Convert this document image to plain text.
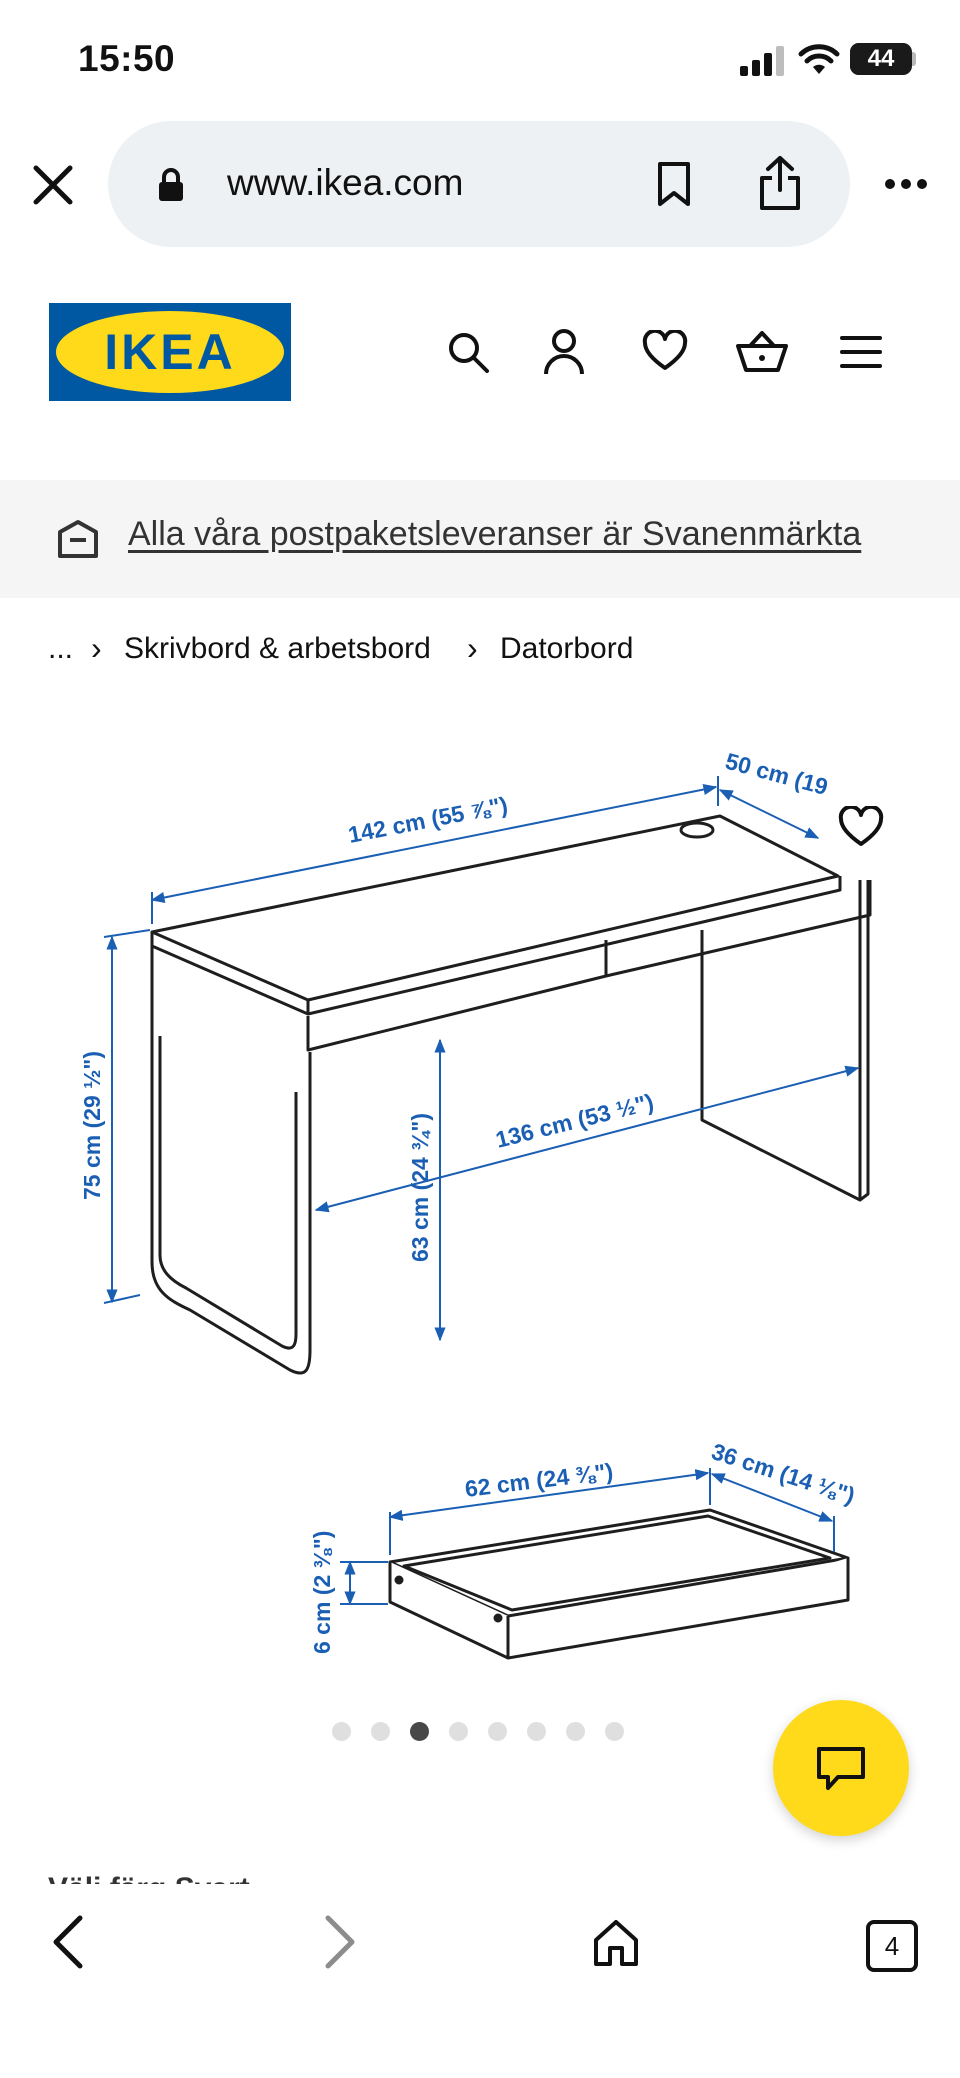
15:50	44
www.ikea.com
IKEA
Alla våra postpaketsleveranser är Svanenmärkta
... › Skrivbord & arbetsbord › Datorbord
142 cm (55 ⅞")
50 cm (19
75 cm (29 ½")	63 cm (24 ¾")	136 cm (53 ½")
62 cm (24 ⅜")	36 cm (14 ⅛")
6 cm (2 ⅜")
4
